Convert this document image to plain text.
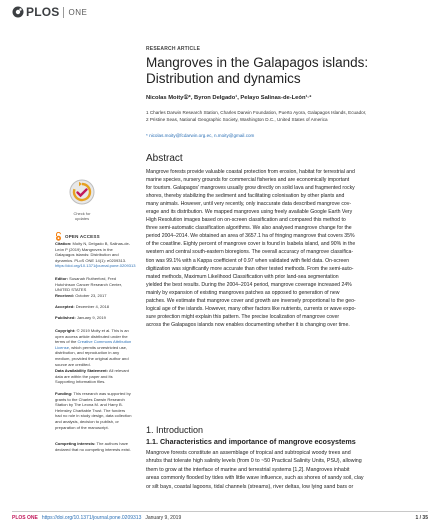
PLOS ONE
Check for
updates
OPEN ACCESS
Citation: Moity N, Delgado B, Salinas-de-León P (2019) Mangroves in the Galapagos islands: Distribution and dynamics. PLoS ONE 14(1): e0209313. https://doi.org/10.1371/journal.pone.0209313
Editor: Susanah Rutherford, Fred Hutchinson Cancer Research Center, UNITED STATES
Received: October 23, 2017
Accepted: December 4, 2018
Published: January 9, 2019
Copyright: © 2019 Moity et al. This is an open access article distributed under the terms of the Creative Commons Attribution License, which permits unrestricted use, distribution, and reproduction in any medium, provided the original author and source are credited.
Data Availability Statement: All relevant data are within the paper and its Supporting Information files.
Funding: This research was supported by grants to the Charles Darwin Research Station by The Leona M. and Harry B. Helmsley Charitable Trust. The funders had no role in study design, data collection and analysis, decision to publish, or preparation of the manuscript.
Competing interests: The authors have declared that no competing interests exist.
RESEARCH ARTICLE
Mangroves in the Galapagos islands: Distribution and dynamics
Nicolas Moity①*, Byron Delgado¹, Pelayo Salinas-de-León¹·²
1 Charles Darwin Research Station, Charles Darwin Foundation, Puerto Ayora, Galapagos Islands, Ecuador,
2 Pristine Seas, National Geographic Society, Washington D.C., United States of America
* nicolas.moity@fcdarwin.org.ec, n.moity@gmail.com
Abstract
Mangrove forests provide valuable coastal protection from erosion, habitat for terrestrial and
marine species, nursery grounds for commercial fisheries and are economically important
for tourism. Galapagos' mangroves usually grow directly on solid lava and fragmented rocky
shores, thereby stabilizing the sediment and facilitating colonisation by other plants and
many animals. However, until very recently, only inaccurate data described mangrove cov-
erage and its distribution. We mapped mangroves using freely available Google Earth Very
High Resolution images based on on-screen classification and compared this method to
three semi-automatic classification algorithms. We also analysed mangrove change for the
period 2004–2014. We obtained an area of 3657.1 ha of fringing mangrove that covers 35%
of the coastline. Eighty percent of mangrove cover is found in Isabela island, and 90% in the
western and central south-eastern bioregions. The overall accuracy of mangrove classifica-
tion was 99.1% with a Kappa coefficient of 0.97 when validated with field data. On-screen
digitization was significantly more accurate than other tested methods. From the semi-auto-
mated methods, Maximum Likelihood Classification with prior land-sea segmentation
yielded the best results. During the 2004–2014 period, mangrove coverage increased 24%
mainly by expansion of existing mangroves patches as opposed to generation of new
patches. We estimate that mangrove cover and growth are inversely proportional to the geo-
logical age of the islands. However, many other factors like nutrients, currents or wave expo-
sure protection might explain this pattern. The precise localization of mangrove cover
across the Galapagos islands now enables documenting whether it is changing over time.
1. Introduction
1.1. Characteristics and importance of mangrove ecosystems
Mangrove forests constitute an assemblage of tropical and subtropical woody trees and
shrubs that tolerate high salinity levels (from 0 to ~50 Practical Salinity Units, PSU), allowing
them to grow at the interface of marine and terrestrial systems [1,2]. Mangroves inhabit
areas commonly flooded by tides with little wave influence, such as shores of sandy soil, clay
or silt bays, coastal lagoons, tidal channels (streams), river deltas, low lying sand bars or
PLOS ONE https://doi.org/10.1371/journal.pone.0209313 January 9, 2019	1 / 35
